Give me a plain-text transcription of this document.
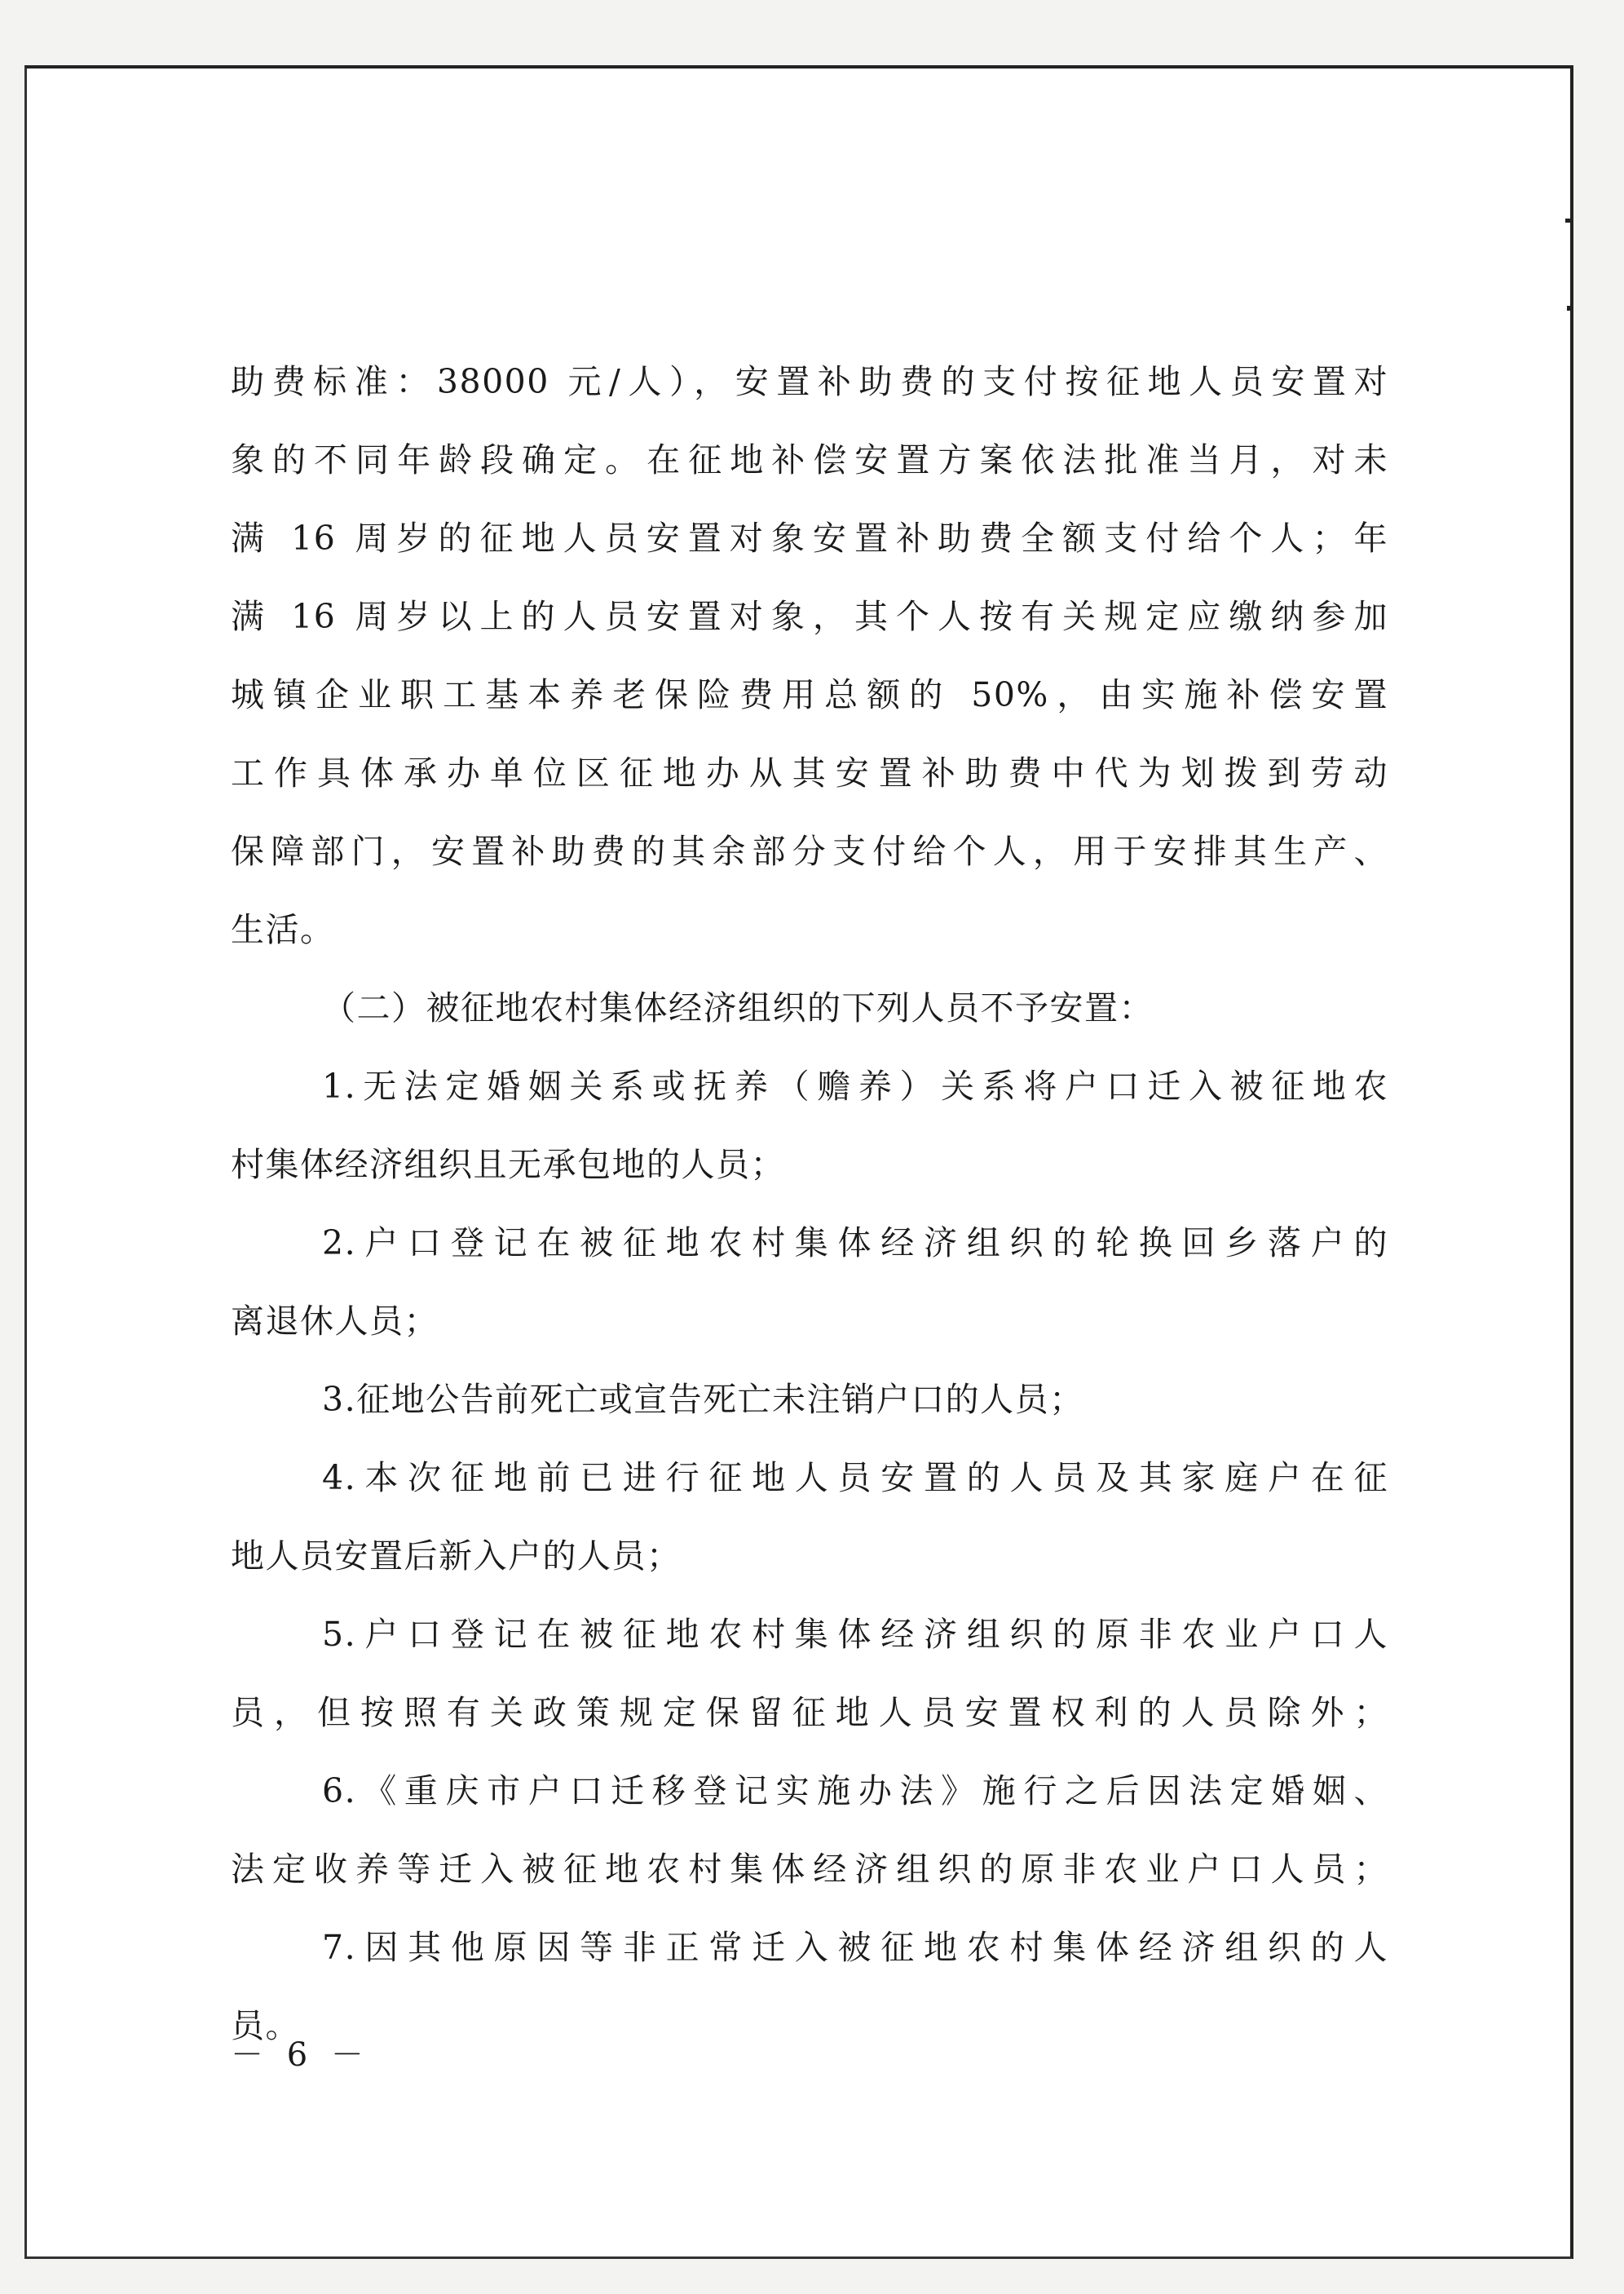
助费标准：38000 元/人），安置补助费的支付按征地人员安置对
象的不同年龄段确定。在征地补偿安置方案依法批准当月，对未
满 16 周岁的征地人员安置对象安置补助费全额支付给个人；年
满 16 周岁以上的人员安置对象，其个人按有关规定应缴纳参加
城镇企业职工基本养老保险费用总额的 50%，由实施补偿安置
工作具体承办单位区征地办从其安置补助费中代为划拨到劳动
保障部门，安置补助费的其余部分支付给个人，用于安排其生产、
生活。
（二）被征地农村集体经济组织的下列人员不予安置：
1.无法定婚姻关系或抚养（赡养）关系将户口迁入被征地农
村集体经济组织且无承包地的人员；
2.户口登记在被征地农村集体经济组织的轮换回乡落户的
离退休人员；
3.征地公告前死亡或宣告死亡未注销户口的人员；
4.本次征地前已进行征地人员安置的人员及其家庭户在征
地人员安置后新入户的人员；
5.户口登记在被征地农村集体经济组织的原非农业户口人
员，但按照有关政策规定保留征地人员安置权利的人员除外；
6.《重庆市户口迁移登记实施办法》施行之后因法定婚姻、
法定收养等迁入被征地农村集体经济组织的原非农业户口人员；
7.因其他原因等非正常迁入被征地农村集体经济组织的人
员。
－ 6 －
